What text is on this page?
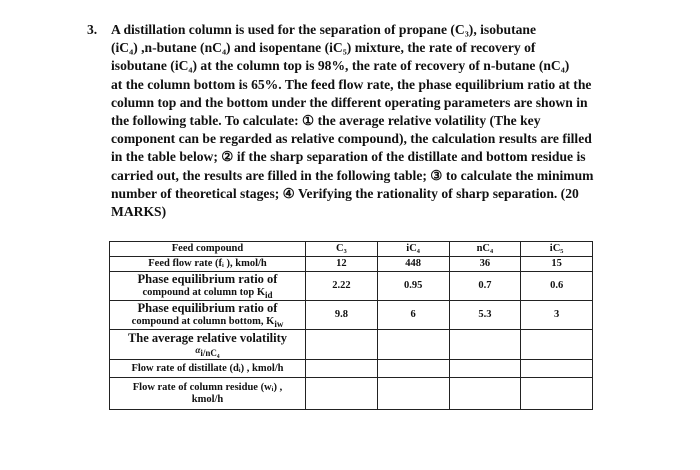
3.	A distillation column is used for the separation of propane (C₃), isobutane
(iC₄) ,n-butane (nC₄) and isopentane (iC₅) mixture, the rate of recovery of
isobutane (iC₄) at the column top is 98%, the rate of recovery of n-butane (nC₄)
at the column bottom is 65%. The feed flow rate, the phase equilibrium ratio at the
column top and the bottom under the different operating parameters are shown in
the following table. To calculate: ① the average relative volatility (The key
component can be regarded as relative compound), the calculation results are filled
in the table below; ② if the sharp separation of the distillate and bottom residue is
carried out, the results are filled in the following table; ③ to calculate the minimum
number of theoretical stages; ④ Verifying the rationality of sharp separation. (20
MARKS)
Feed compound	C₃	iC₄	nC₄	iC₅
Feed flow rate (fᵢ ), kmol/h	12	448	36	15
Phase equilibrium ratio of
compound at column top $K_{id}$	2.22	0.95	0.7	0.6
Phase equilibrium ratio of
compound at column bottom, $K_{iw}$	9.8	6	5.3	3
The average relative volatility
$\alpha_{i/nC_4}$				
Flow rate of distillate (dᵢ) , kmol/h				
Flow rate of column residue (wᵢ) ,
kmol/h				
